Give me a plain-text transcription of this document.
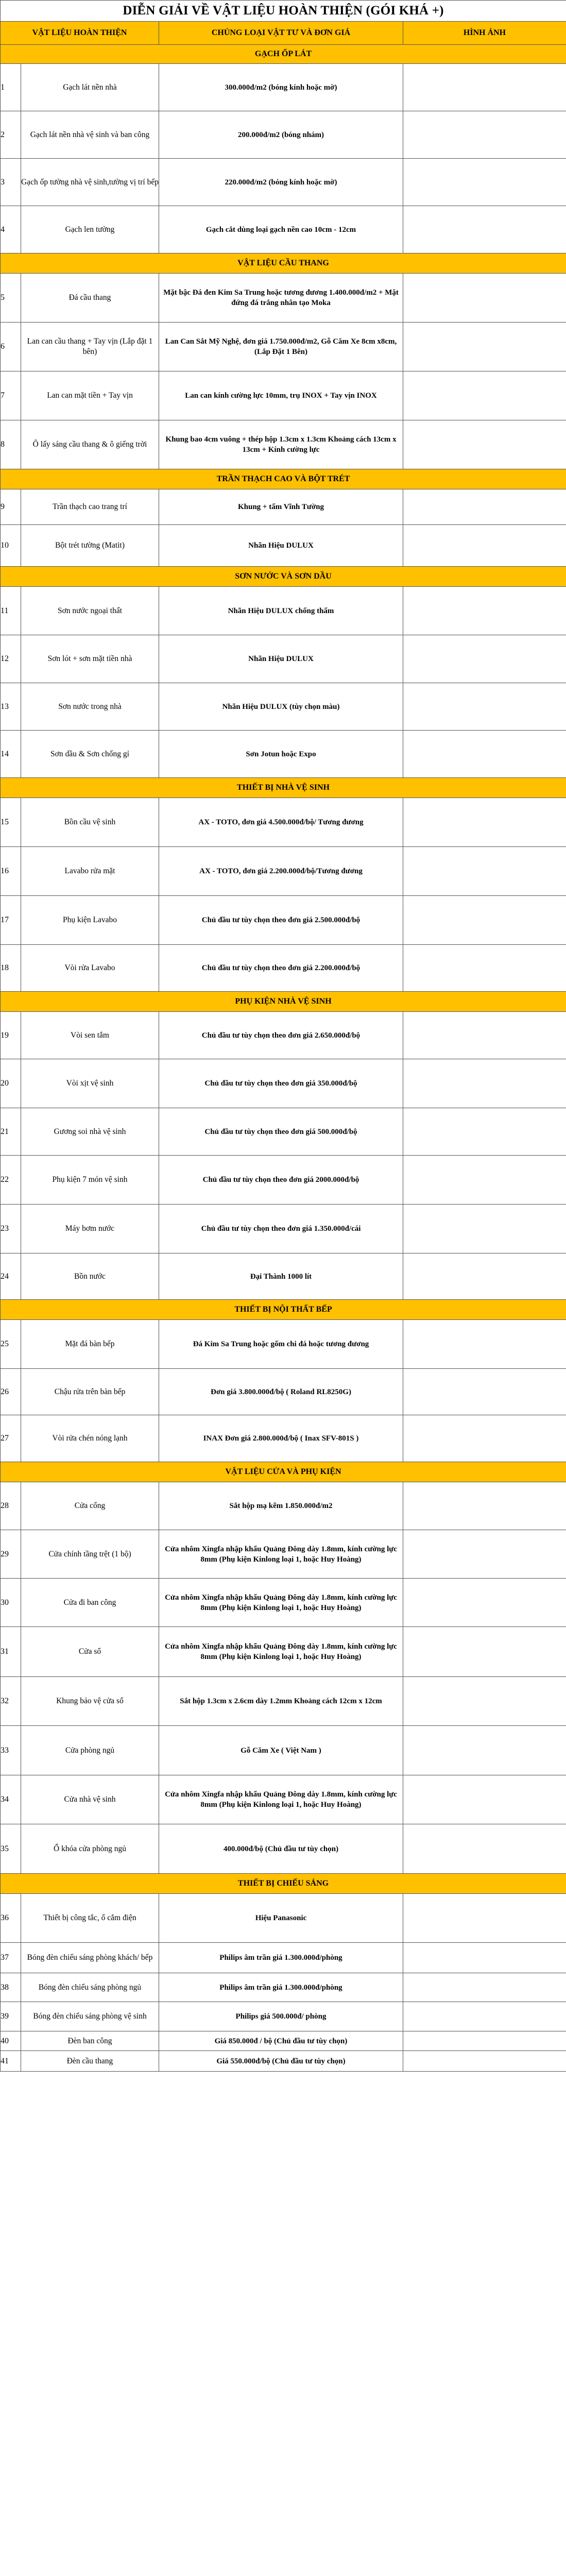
DIỄN GIẢI VỀ VẬT LIỆU HOÀN THIỆN (GÓI KHÁ +)			
VẬT LIỆU HOÀN THIỆN		CHỦNG LOẠI VẬT TƯ VÀ ĐƠN GIÁ	HÌNH ẢNH
GẠCH ỐP LÁT			
1	Gạch lát nền nhà	300.000đ/m2 (bóng kính hoặc mờ)	

2	Gạch lát nền nhà vệ sinh và ban công	200.000đ/m2 (bóng nhám)	

3	Gạch ốp tường nhà vệ sinh,tường vị trí bếp	220.000đ/m2 (bóng kính hoặc mờ)	

4	Gạch len tường	Gạch cắt dùng loại gạch nền cao 10cm - 12cm	

VẬT LIỆU CẦU THANG			
5	Đá cầu thang	Mặt bậc Đá đen Kim Sa Trung hoặc tương đương 1.400.000đ/m2 + Mặt đứng đá trắng nhân tạo Moka	

6	Lan can cầu thang + Tay vịn (Lắp đặt 1 bên)	Lan Can Sắt Mỹ Nghệ, đơn giá 1.750.000đ/m2, Gỗ Căm Xe 8cm x8cm, (Lắp Đặt 1 Bên)	

7	Lan can mặt tiền + Tay vịn	Lan can kính cường lực 10mm, trụ INOX + Tay vịn INOX	

8	Ô lấy sáng cầu thang & ô giếng trời	Khung bao 4cm vuông + thép hộp 1.3cm x 1.3cm Khoảng cách 13cm x 13cm + Kính cường lực	

TRẦN THẠCH CAO VÀ BỘT TRÉT			
9	Trần thạch cao trang trí	Khung + tấm Vĩnh Tường	

10	Bột trét tường (Matit)	Nhãn Hiệu DULUX	

SƠN NƯỚC VÀ SƠN DẦU			
11	Sơn nước ngoại thất	Nhãn Hiệu DULUX chống thấm	

12	Sơn lót + sơn mặt tiền nhà	Nhãn Hiệu DULUX	

13	Sơn nước trong nhà	Nhãn Hiệu DULUX (tùy chọn màu)	

14	Sơn dầu & Sơn chống gỉ	Sơn Jotun hoặc Expo	

THIẾT BỊ NHÀ VỆ SINH			
15	Bồn cầu vệ sinh	AX - TOTO, đơn giá 4.500.000đ/bộ/ Tương đương	

16	Lavabo rửa mặt	AX - TOTO, đơn giá 2.200.000đ/bộ/Tương đương	

17	Phụ kiện Lavabo	Chủ đầu tư tùy chọn theo đơn giá 2.500.000đ/bộ	

18	Vòi rửa Lavabo	Chủ đầu tư tùy chọn theo đơn giá 2.200.000đ/bộ	

PHỤ KIỆN NHÀ VỆ SINH			
19	Vòi sen tắm	Chủ đầu tư tùy chọn theo đơn giá 2.650.000đ/bộ	

20	Vòi xịt vệ sinh	Chủ đầu tư tùy chọn theo đơn giá 350.000đ/bộ	

21	Gương soi nhà vệ sinh	Chủ đầu tư tùy chọn theo đơn giá 500.000đ/bộ	

22	Phụ kiện 7 món vệ sinh	Chủ đầu tư tùy chọn theo đơn giá 2000.000đ/bộ	

23	Máy bơm nước	Chủ đầu tư tùy chọn theo đơn giá 1.350.000đ/cái	

24	Bồn nước	Đại Thành 1000 lít	

THIẾT BỊ NỘI THẤT BẾP			
25	Mặt đá bàn bếp	Đá Kim Sa Trung hoặc gốm chi đá hoặc tương đương	

26	Chậu rửa trên bàn bếp	Đơn giá 3.800.000đ/bộ ( Roland RL8250G)	

27	Vòi rửa chén nóng lạnh	INAX Đơn giá 2.800.000đ/bộ ( Inax SFV-801S )	

VẬT LIỆU CỬA VÀ PHỤ KIỆN			
28	Cửa cổng	Sắt hộp mạ kẽm 1.850.000đ/m2	

29	Cửa chính tầng trệt (1 bộ)	Cửa nhôm Xingfa nhập khẩu Quảng Đông dày 1.8mm, kính cường lực 8mm (Phụ kiện Kinlong loại 1, hoặc Huy Hoàng)	

30	Cửa đi ban công	Cửa nhôm Xingfa nhập khẩu Quảng Đông dày 1.8mm, kính cường lực 8mm (Phụ kiện Kinlong loại 1, hoặc Huy Hoàng)	

31	Cửa sổ	Cửa nhôm Xingfa nhập khẩu Quảng Đông dày 1.8mm, kính cường lực 8mm (Phụ kiện Kinlong loại 1, hoặc Huy Hoàng)	

32	Khung bảo vệ cửa sổ	Sắt hộp 1.3cm x 2.6cm dày 1.2mm Khoảng cách 12cm x 12cm	

33	Cửa phòng ngủ	Gỗ Căm Xe ( Việt Nam )	

34	Cửa nhà vệ sinh	Cửa nhôm Xingfa nhập khẩu Quảng Đông dày 1.8mm, kính cường lực 8mm (Phụ kiện Kinlong loại 1, hoặc Huy Hoàng)	

35	Ổ khóa cửa phòng ngủ	400.000đ/bộ (Chủ đầu tư tùy chọn)	

THIẾT BỊ CHIẾU SÁNG			
36	Thiết bị công tắc, ổ cắm điện	Hiệu Panasonic	

37	Bóng đèn chiếu sáng phòng khách/ bếp	Philips âm trần giá 1.300.000đ/phòng	

38	Bóng đèn chiếu sáng phòng ngủ	Philips âm trần giá 1.300.000đ/phòng	

39	Bóng đèn chiếu sáng phòng vệ sinh	Philips giá 500.000đ/ phòng	

40	Đèn ban công	Giá 850.000đ / bộ (Chủ đầu tư tùy chọn)	

41	Đèn cầu thang	Giá 550.000đ/bộ (Chủ đầu tư tùy chọn)	
